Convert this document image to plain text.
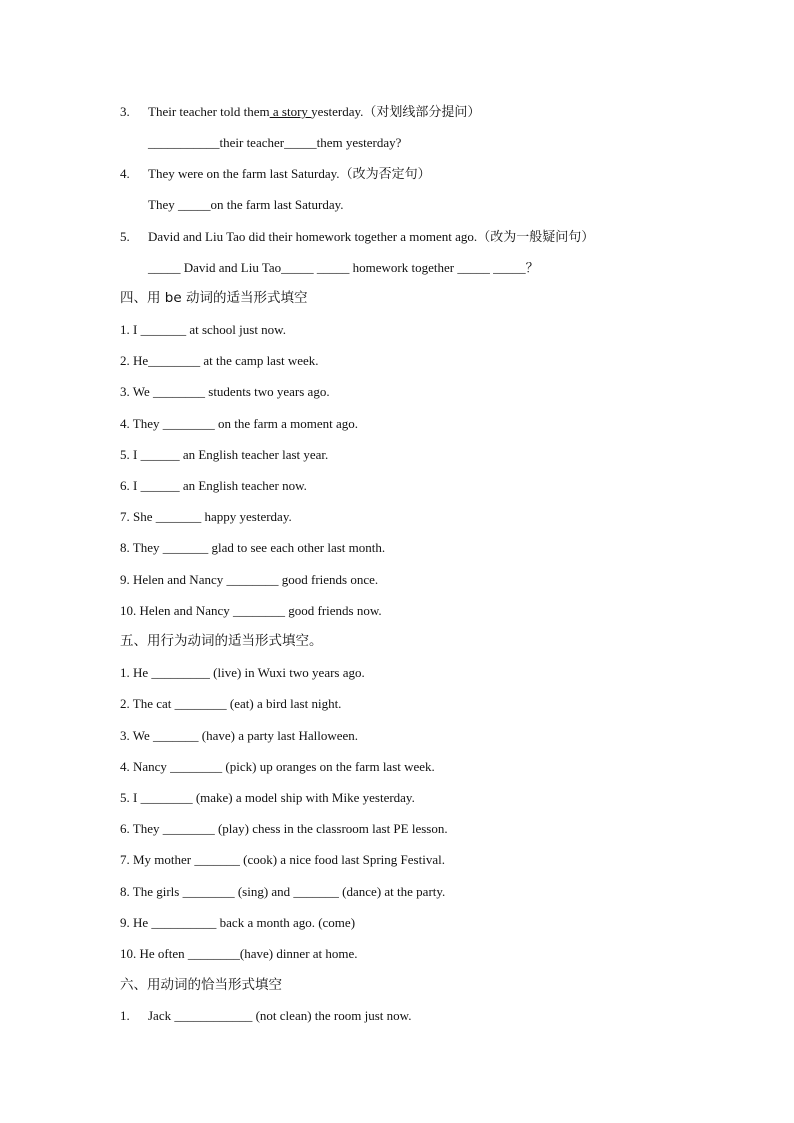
3. Their teacher told them a story yesterday.（对划线部分提问）
___________their teacher_____them yesterday?
4. They were on the farm last Saturday.（改为否定句）
They _____on the farm last Saturday.
5. David and Liu Tao did their homework together a moment ago.（改为一般疑问句）
_____ David and Liu Tao_____ _____ homework together _____ _____？
四、用 be 动词的适当形式填空
1. I _______ at school just now.
2. He________ at the camp last week.
3. We ________ students two years ago.
4. They ________ on the farm a moment ago.
5. I ______ an English teacher last year.
6. I ______ an English teacher now.
7. She _______ happy yesterday.
8. They _______ glad to see each other last month.
9. Helen and Nancy ________ good friends once.
10. Helen and Nancy ________ good friends now.
五、用行为动词的适当形式填空。
1. He _________ (live) in Wuxi two years ago.
2. The cat ________ (eat) a bird last night.
3. We _______ (have) a party last Halloween.
4. Nancy ________ (pick) up oranges on the farm last week.
5. I ________ (make) a model ship with Mike yesterday.
6. They ________ (play) chess in the classroom last PE lesson.
7. My mother _______ (cook) a nice food last Spring Festival.
8. The girls ________ (sing) and _______ (dance) at the party.
9. He __________ back a month ago. (come)
10. He often ________(have) dinner at home.
六、用动词的恰当形式填空
1. Jack ____________ (not clean) the room just now.
